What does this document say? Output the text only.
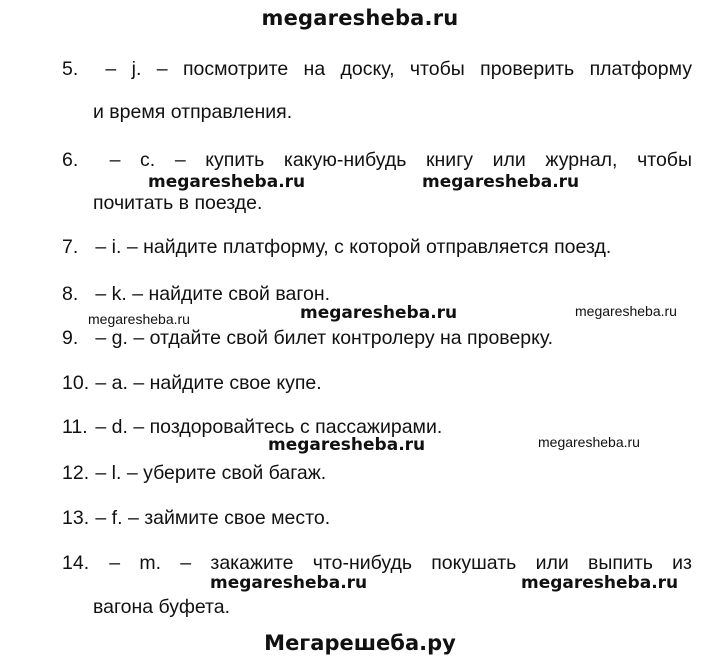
megaresheba.ru
5. – j. – посмотрите на доску, чтобы проверить платформу
и время отправления.
6. – c. – купить какую-нибудь книгу или журнал, чтобы
почитать в поезде.
7. – i. – найдите платформу, с которой отправляется поезд.
8. – k. – найдите свой вагон.
9. – g. – отдайте свой билет контролеру на проверку.
10. – a. – найдите свое купе.
11. – d. – поздоровайтесь с пассажирами.
12. – l. – уберите свой багаж.
13. – f. – займите свое место.
14. – m. – закажите что-нибудь покушать или выпить из
вагона буфета.
megaresheba.ru	megaresheba.ru
megaresheba.ru	megaresheba.ru	megaresheba.ru
megaresheba.ru	megaresheba.ru
megaresheba.ru	megaresheba.ru
Мегарешеба.ру
